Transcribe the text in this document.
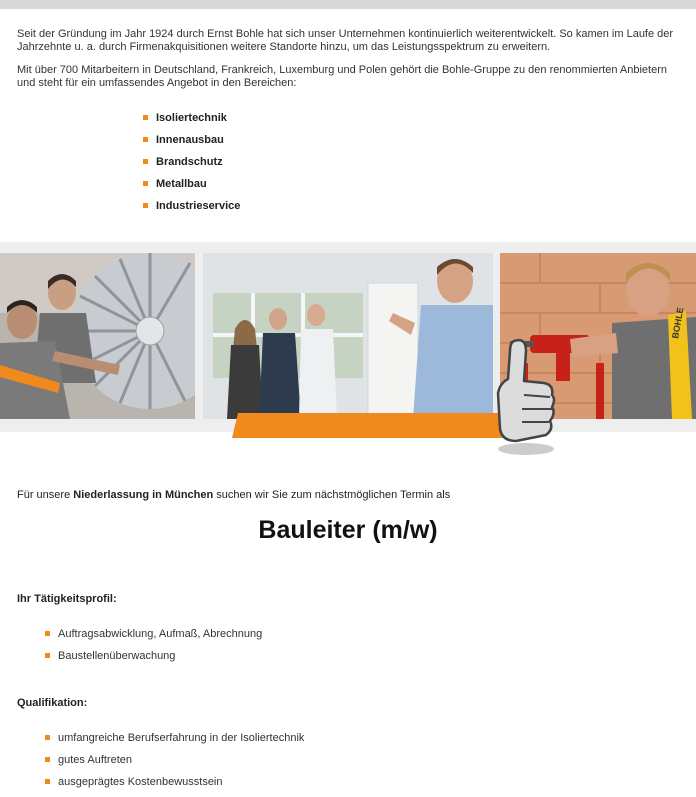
Seit der Gründung im Jahr 1924 durch Ernst Bohle hat sich unser Unternehmen kontinuierlich weiterentwickelt. So kamen im Laufe der Jahrzehnte u. a. durch Firmenakquisitionen weitere Standorte hinzu, um das Leistungsspektrum zu erweitern.

Mit über 700 Mitarbeitern in Deutschland, Frankreich, Luxemburg und Polen gehört die Bohle-Gruppe zu den renommierten Anbietern und steht für ein umfassendes Angebot in den Bereichen:

Isoliertechnik
Innenausbau
Brandschutz
Metallbau
Industrieservice
BOHLE
Für unsere Niederlassung in München suchen wir Sie zum nächstmöglichen Termin als
Bauleiter (m/w)
Ihr Tätigkeitsprofil:
Auftragsabwicklung, Aufmaß, Abrechnung
Baustellenüberwachung
Qualifikation:
umfangreiche Berufserfahrung in der Isoliertechnik
gutes Auftreten
ausgeprägtes Kostenbewusstsein
